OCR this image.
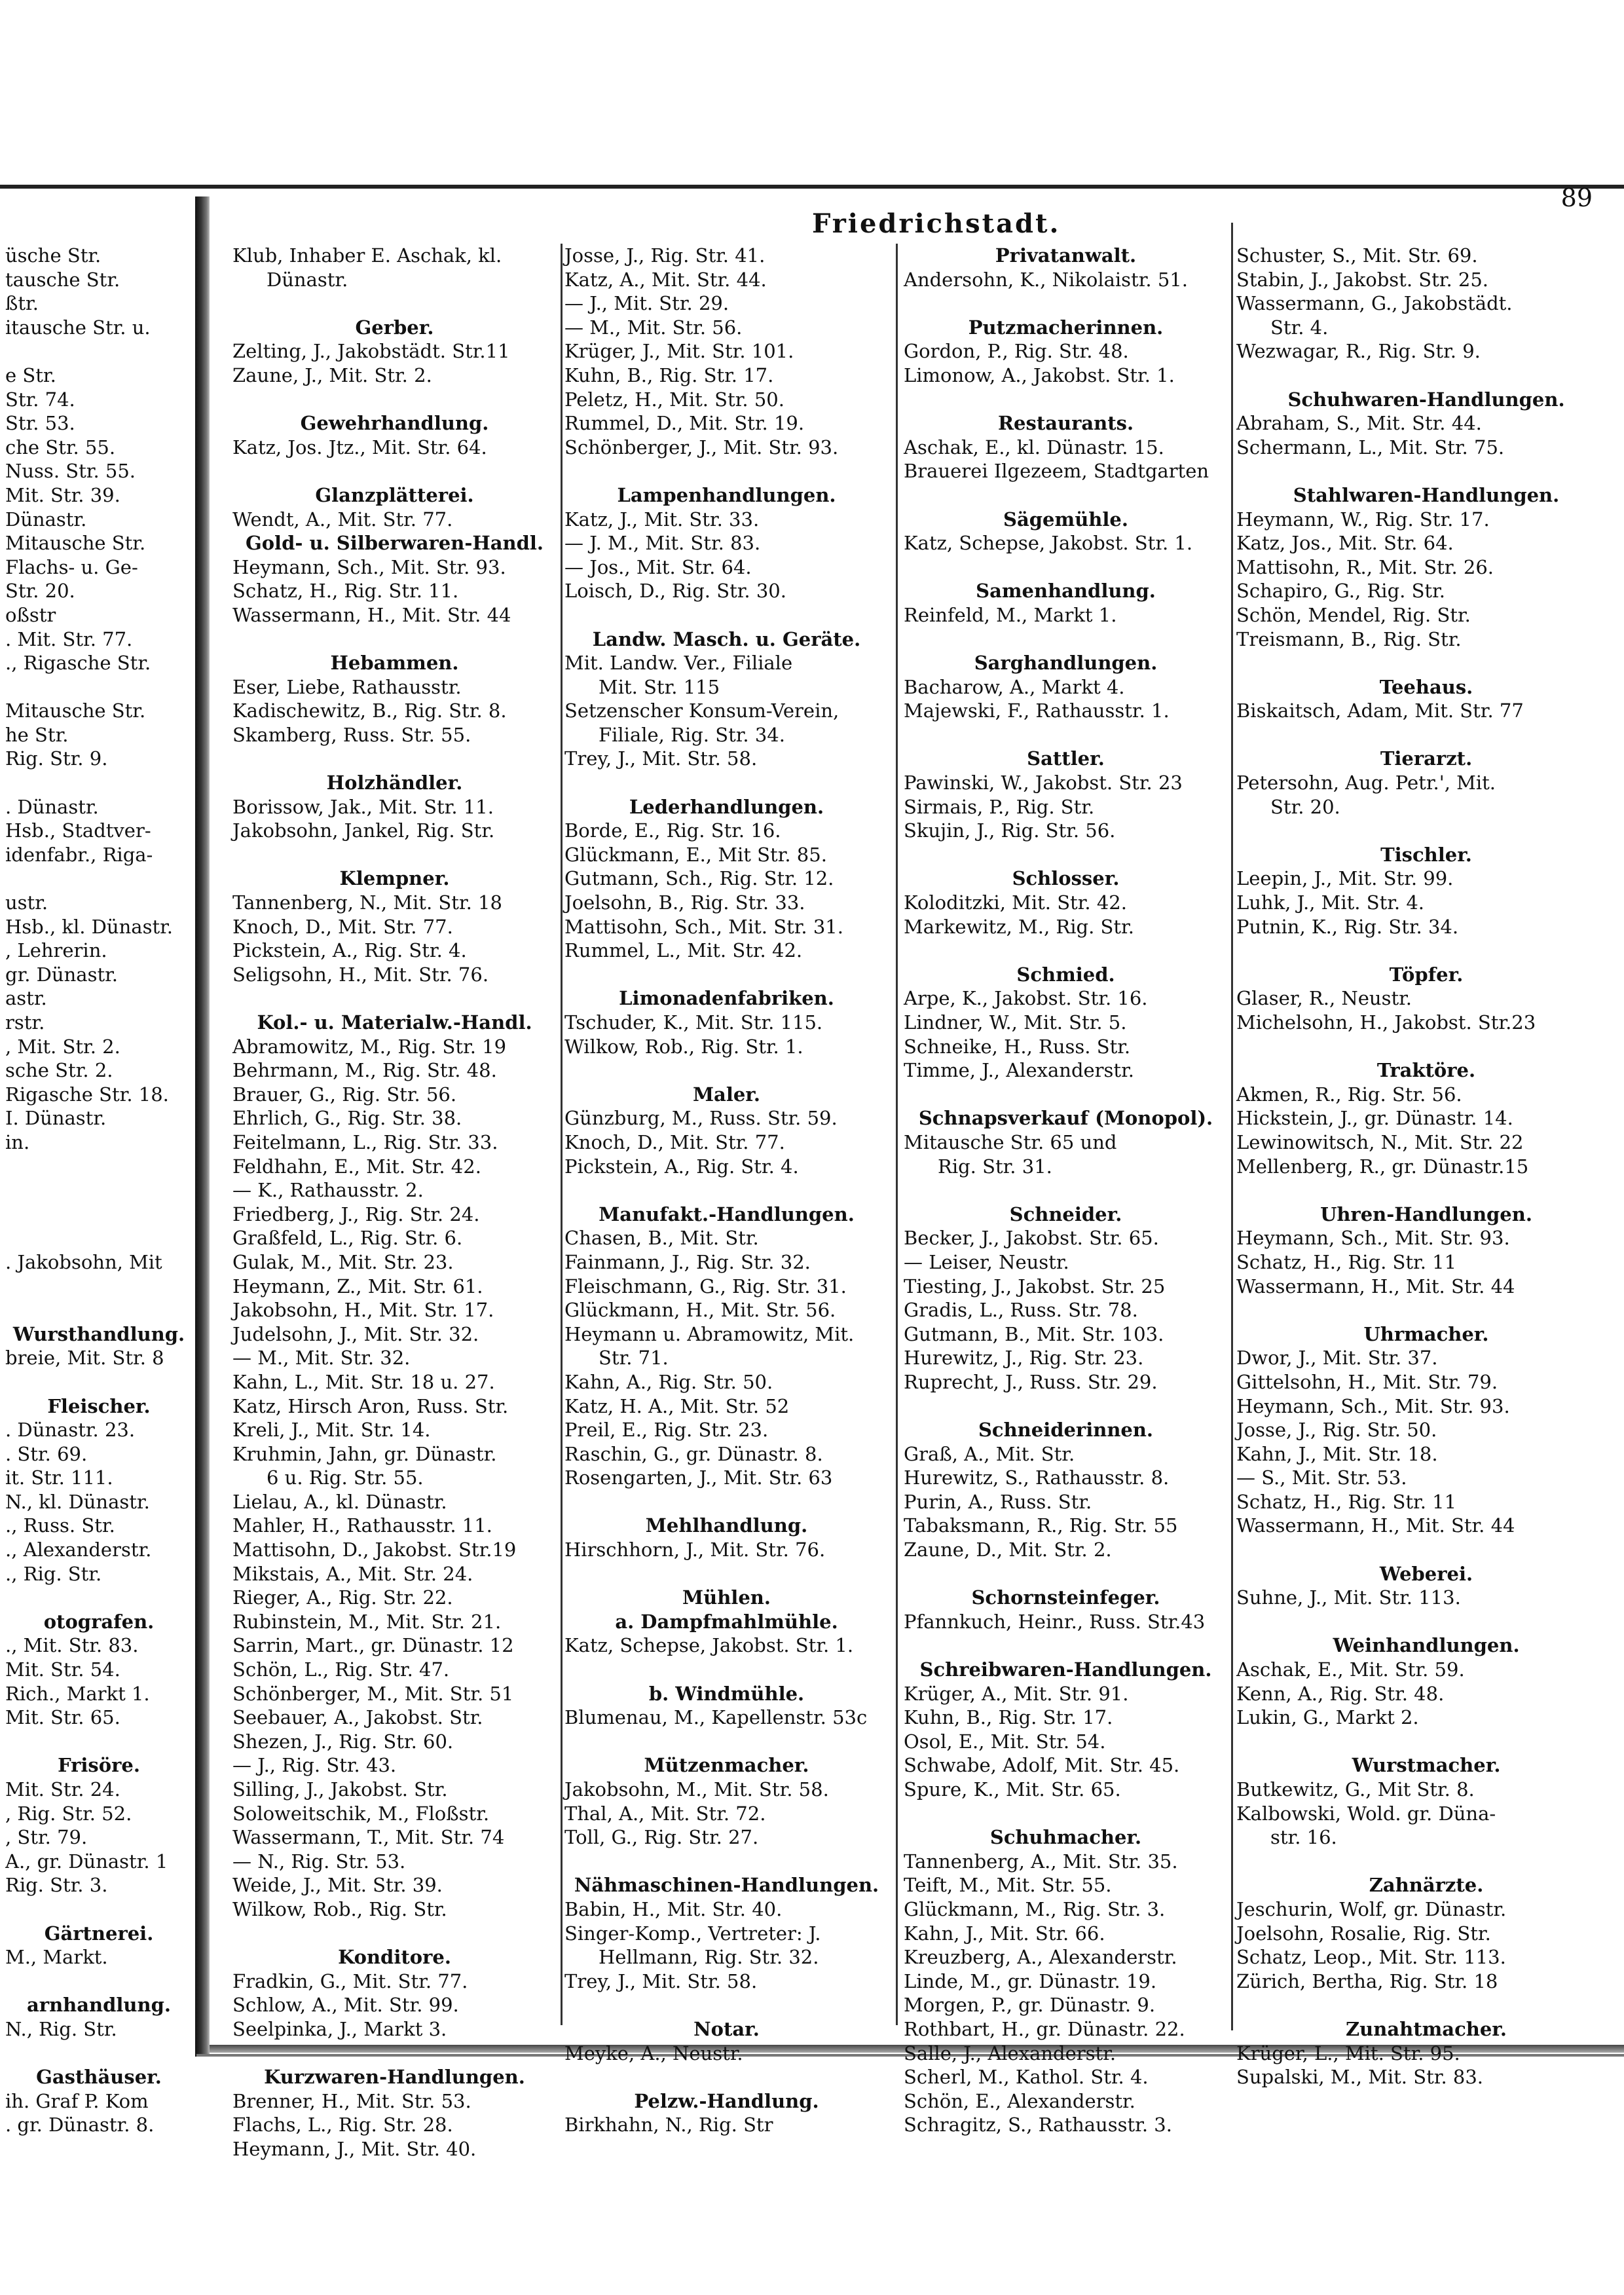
Friedrichstadt.
89
üsche Str.
tausche Str.
ßtr.
itausche Str. u.

e Str.
Str. 74.
Str. 53.
che Str. 55.
Nuss. Str. 55.
Mit. Str. 39.
Dünastr.
Mitausche Str.
Flachs- u. Ge-
Str. 20.
oßstr
. Mit. Str. 77.
., Rigasche Str.

Mitausche Str.
he Str.
Rig. Str. 9.

. Dünastr.
Hsb., Stadtver-
idenfabr., Riga-

ustr.
Hsb., kl. Dünastr.
, Lehrerin.
gr. Dünastr.
astr.
rstr.
, Mit. Str. 2.
sche Str. 2.
Rigasche Str. 18.
I. Dünastr.
in.

. Jakobsohn, Mit

Wursthandlung.
breie, Mit. Str. 8

Fleischer.
. Dünastr. 23.
. Str. 69.
it. Str. 111.
N., kl. Dünastr.
., Russ. Str.
., Alexanderstr.
., Rig. Str.

otografen.
., Mit. Str. 83.
Mit. Str. 54.
Rich., Markt 1.
Mit. Str. 65.

Frisöre.
Mit. Str. 24.
, Rig. Str. 52.
, Str. 79.
A., gr. Dünastr. 1
Rig. Str. 3.

Gärtnerei.
M., Markt.

arnhandlung.
N., Rig. Str.

Gasthäuser.
ih. Graf P. Kom
. gr. Dünastr. 8.
Klub, Inhaber E. Aschak, kl.
Dünastr.

Gerber.
Zelting, J., Jakobstädt. Str.11
Zaune, J., Mit. Str. 2.

Gewehrhandlung.
Katz, Jos. Jtz., Mit. Str. 64.

Glanzplätterei.
Wendt, A., Mit. Str. 77.
Gold- u. Silberwaren-Handl.
Heymann, Sch., Mit. Str. 93.
Schatz, H., Rig. Str. 11.
Wassermann, H., Mit. Str. 44

Hebammen.
Eser, Liebe, Rathausstr.
Kadischewitz, B., Rig. Str. 8.
Skamberg, Russ. Str. 55.

Holzhändler.
Borissow, Jak., Mit. Str. 11.
Jakobsohn, Jankel, Rig. Str.

Klempner.
Tannenberg, N., Mit. Str. 18
Knoch, D., Mit. Str. 77.
Pickstein, A., Rig. Str. 4.
Seligsohn, H., Mit. Str. 76.

Kol.- u. Materialw.-Handl.
Abramowitz, M., Rig. Str. 19
Behrmann, M., Rig. Str. 48.
Brauer, G., Rig. Str. 56.
Ehrlich, G., Rig. Str. 38.
Feitelmann, L., Rig. Str. 33.
Feldhahn, E., Mit. Str. 42.
— K., Rathausstr. 2.
Friedberg, J., Rig. Str. 24.
Graßfeld, L., Rig. Str. 6.
Gulak, M., Mit. Str. 23.
Heymann, Z., Mit. Str. 61.
Jakobsohn, H., Mit. Str. 17.
Judelsohn, J., Mit. Str. 32.
— M., Mit. Str. 32.
Kahn, L., Mit. Str. 18 u. 27.
Katz, Hirsch Aron, Russ. Str.
Kreli, J., Mit. Str. 14.
Kruhmin, Jahn, gr. Dünastr.
6 u. Rig. Str. 55.
Lielau, A., kl. Dünastr.
Mahler, H., Rathausstr. 11.
Mattisohn, D., Jakobst. Str.19
Mikstais, A., Mit. Str. 24.
Rieger, A., Rig. Str. 22.
Rubinstein, M., Mit. Str. 21.
Sarrin, Mart., gr. Dünastr. 12
Schön, L., Rig. Str. 47.
Schönberger, M., Mit. Str. 51
Seebauer, A., Jakobst. Str.
Shezen, J., Rig. Str. 60.
— J., Rig. Str. 43.
Silling, J., Jakobst. Str.
Soloweitschik, M., Floßstr.
Wassermann, T., Mit. Str. 74
— N., Rig. Str. 53.
Weide, J., Mit. Str. 39.
Wilkow, Rob., Rig. Str.

Konditore.
Fradkin, G., Mit. Str. 77.
Schlow, A., Mit. Str. 99.
Seelpinka, J., Markt 3.

Kurzwaren-Handlungen.
Brenner, H., Mit. Str. 53.
Flachs, L., Rig. Str. 28.
Heymann, J., Mit. Str. 40.
Josse, J., Rig. Str. 41.
Katz, A., Mit. Str. 44.
— J., Mit. Str. 29.
— M., Mit. Str. 56.
Krüger, J., Mit. Str. 101.
Kuhn, B., Rig. Str. 17.
Peletz, H., Mit. Str. 50.
Rummel, D., Mit. Str. 19.
Schönberger, J., Mit. Str. 93.

Lampenhandlungen.
Katz, J., Mit. Str. 33.
— J. M., Mit. Str. 83.
— Jos., Mit. Str. 64.
Loisch, D., Rig. Str. 30.

Landw. Masch. u. Geräte.
Mit. Landw. Ver., Filiale
Mit. Str. 115
Setzenscher Konsum-Verein,
Filiale, Rig. Str. 34.
Trey, J., Mit. Str. 58.

Lederhandlungen.
Borde, E., Rig. Str. 16.
Glückmann, E., Mit Str. 85.
Gutmann, Sch., Rig. Str. 12.
Joelsohn, B., Rig. Str. 33.
Mattisohn, Sch., Mit. Str. 31.
Rummel, L., Mit. Str. 42.

Limonadenfabriken.
Tschuder, K., Mit. Str. 115.
Wilkow, Rob., Rig. Str. 1.

Maler.
Günzburg, M., Russ. Str. 59.
Knoch, D., Mit. Str. 77.
Pickstein, A., Rig. Str. 4.

Manufakt.-Handlungen.
Chasen, B., Mit. Str.
Fainmann, J., Rig. Str. 32.
Fleischmann, G., Rig. Str. 31.
Glückmann, H., Mit. Str. 56.
Heymann u. Abramowitz, Mit.
Str. 71.
Kahn, A., Rig. Str. 50.
Katz, H. A., Mit. Str. 52
Preil, E., Rig. Str. 23.
Raschin, G., gr. Dünastr. 8.
Rosengarten, J., Mit. Str. 63

Mehlhandlung.
Hirschhorn, J., Mit. Str. 76.

Mühlen.
a. Dampfmahlmühle.
Katz, Schepse, Jakobst. Str. 1.

b. Windmühle.
Blumenau, M., Kapellenstr. 53c

Mützenmacher.
Jakobsohn, M., Mit. Str. 58.
Thal, A., Mit. Str. 72.
Toll, G., Rig. Str. 27.

Nähmaschinen-Handlungen.
Babin, H., Mit. Str. 40.
Singer-Komp., Vertreter: J.
Hellmann, Rig. Str. 32.
Trey, J., Mit. Str. 58.

Notar.
Meyke, A., Neustr.

Pelzw.-Handlung.
Birkhahn, N., Rig. Str
Privatanwalt.
Andersohn, K., Nikolaistr. 51.

Putzmacherinnen.
Gordon, P., Rig. Str. 48.
Limonow, A., Jakobst. Str. 1.

Restaurants.
Aschak, E., kl. Dünastr. 15.
Brauerei Ilgezeem, Stadtgarten

Sägemühle.
Katz, Schepse, Jakobst. Str. 1.

Samenhandlung.
Reinfeld, M., Markt 1.

Sarghandlungen.
Bacharow, A., Markt 4.
Majewski, F., Rathausstr. 1.

Sattler.
Pawinski, W., Jakobst. Str. 23
Sirmais, P., Rig. Str.
Skujin, J., Rig. Str. 56.

Schlosser.
Koloditzki, Mit. Str. 42.
Markewitz, M., Rig. Str.

Schmied.
Arpe, K., Jakobst. Str. 16.
Lindner, W., Mit. Str. 5.
Schneike, H., Russ. Str.
Timme, J., Alexanderstr.

Schnapsverkauf (Monopol).
Mitausche Str. 65 und
Rig. Str. 31.

Schneider.
Becker, J., Jakobst. Str. 65.
— Leiser, Neustr.
Tiesting, J., Jakobst. Str. 25
Gradis, L., Russ. Str. 78.
Gutmann, B., Mit. Str. 103.
Hurewitz, J., Rig. Str. 23.
Ruprecht, J., Russ. Str. 29.

Schneiderinnen.
Graß, A., Mit. Str.
Hurewitz, S., Rathausstr. 8.
Purin, A., Russ. Str.
Tabaksmann, R., Rig. Str. 55
Zaune, D., Mit. Str. 2.

Schornsteinfeger.
Pfannkuch, Heinr., Russ. Str.43

Schreibwaren-Handlungen.
Krüger, A., Mit. Str. 91.
Kuhn, B., Rig. Str. 17.
Osol, E., Mit. Str. 54.
Schwabe, Adolf, Mit. Str. 45.
Spure, K., Mit. Str. 65.

Schuhmacher.
Tannenberg, A., Mit. Str. 35.
Teift, M., Mit. Str. 55.
Glückmann, M., Rig. Str. 3.
Kahn, J., Mit. Str. 66.
Kreuzberg, A., Alexanderstr.
Linde, M., gr. Dünastr. 19.
Morgen, P., gr. Dünastr. 9.
Rothbart, H., gr. Dünastr. 22.
Salle, J., Alexanderstr.
Scherl, M., Kathol. Str. 4.
Schön, E., Alexanderstr.
Schragitz, S., Rathausstr. 3.
Schuster, S., Mit. Str. 69.
Stabin, J., Jakobst. Str. 25.
Wassermann, G., Jakobstädt.
Str. 4.
Wezwagar, R., Rig. Str. 9.

Schuhwaren-Handlungen.
Abraham, S., Mit. Str. 44.
Schermann, L., Mit. Str. 75.

Stahlwaren-Handlungen.
Heymann, W., Rig. Str. 17.
Katz, Jos., Mit. Str. 64.
Mattisohn, R., Mit. Str. 26.
Schapiro, G., Rig. Str.
Schön, Mendel, Rig. Str.
Treismann, B., Rig. Str.

Teehaus.
Biskaitsch, Adam, Mit. Str. 77

Tierarzt.
Petersohn, Aug. Petr.', Mit.
Str. 20.

Tischler.
Leepin, J., Mit. Str. 99.
Luhk, J., Mit. Str. 4.
Putnin, K., Rig. Str. 34.

Töpfer.
Glaser, R., Neustr.
Michelsohn, H., Jakobst. Str.23

Traktöre.
Akmen, R., Rig. Str. 56.
Hickstein, J., gr. Dünastr. 14.
Lewinowitsch, N., Mit. Str. 22
Mellenberg, R., gr. Dünastr.15

Uhren-Handlungen.
Heymann, Sch., Mit. Str. 93.
Schatz, H., Rig. Str. 11
Wassermann, H., Mit. Str. 44

Uhrmacher.
Dwor, J., Mit. Str. 37.
Gittelsohn, H., Mit. Str. 79.
Heymann, Sch., Mit. Str. 93.
Josse, J., Rig. Str. 50.
Kahn, J., Mit. Str. 18.
— S., Mit. Str. 53.
Schatz, H., Rig. Str. 11
Wassermann, H., Mit. Str. 44

Weberei.
Suhne, J., Mit. Str. 113.

Weinhandlungen.
Aschak, E., Mit. Str. 59.
Kenn, A., Rig. Str. 48.
Lukin, G., Markt 2.

Wurstmacher.
Butkewitz, G., Mit Str. 8.
Kalbowski, Wold. gr. Düna-
str. 16.

Zahnärzte.
Jeschurin, Wolf, gr. Dünastr.
Joelsohn, Rosalie, Rig. Str.
Schatz, Leop., Mit. Str. 113.
Zürich, Bertha, Rig. Str. 18

Zunahtmacher.
Krüger, L., Mit. Str. 95.
Supalski, M., Mit. Str. 83.
